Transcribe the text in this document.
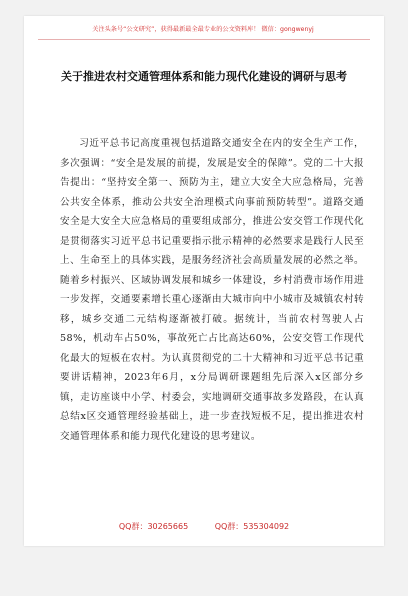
关注头条号“公文研究”，获得最新最全最专业的公文资料库！ 微信：gongwenyj
关于推进农村交通管理体系和能力现代化建设的调研与思考
习近平总书记高度重视包括道路交通安全在内的安全生产工作，多次强调：“安全是发展的前提，发展是安全的保障”。党的二十大报告提出：“坚持安全第一、预防为主，建立大安全大应急格局，完善公共安全体系，推动公共安全治理模式向事前预防转型”。道路交通安全是大安全大应急格局的重要组成部分，推进公安交管工作现代化是贯彻落实习近平总书记重要指示批示精神的必然要求是践行人民至上、生命至上的具体实践，是服务经济社会高质量发展的必然之举。随着乡村振兴、区域协调发展和城乡一体建设，乡村消费市场作用进一步发挥，交通要素增长重心逐渐由大城市向中小城市及城镇农村转移，城乡交通二元结构逐渐被打破。据统计，当前农村驾驶人占58%，机动车占50%，事故死亡占比高达60%，公安交管工作现代化最大的短板在农村。为认真贯彻党的二十大精神和习近平总书记重要讲话精神，2023年6月，x分局调研课题组先后深入x区部分乡镇，走访座谈中小学、村委会，实地调研交通事故多发路段，在认真总结x区交通管理经验基础上，进一步查找短板不足，提出推进农村交通管理体系和能力现代化建设的思考建议。
QQ群：30265665	QQ群：535304092
